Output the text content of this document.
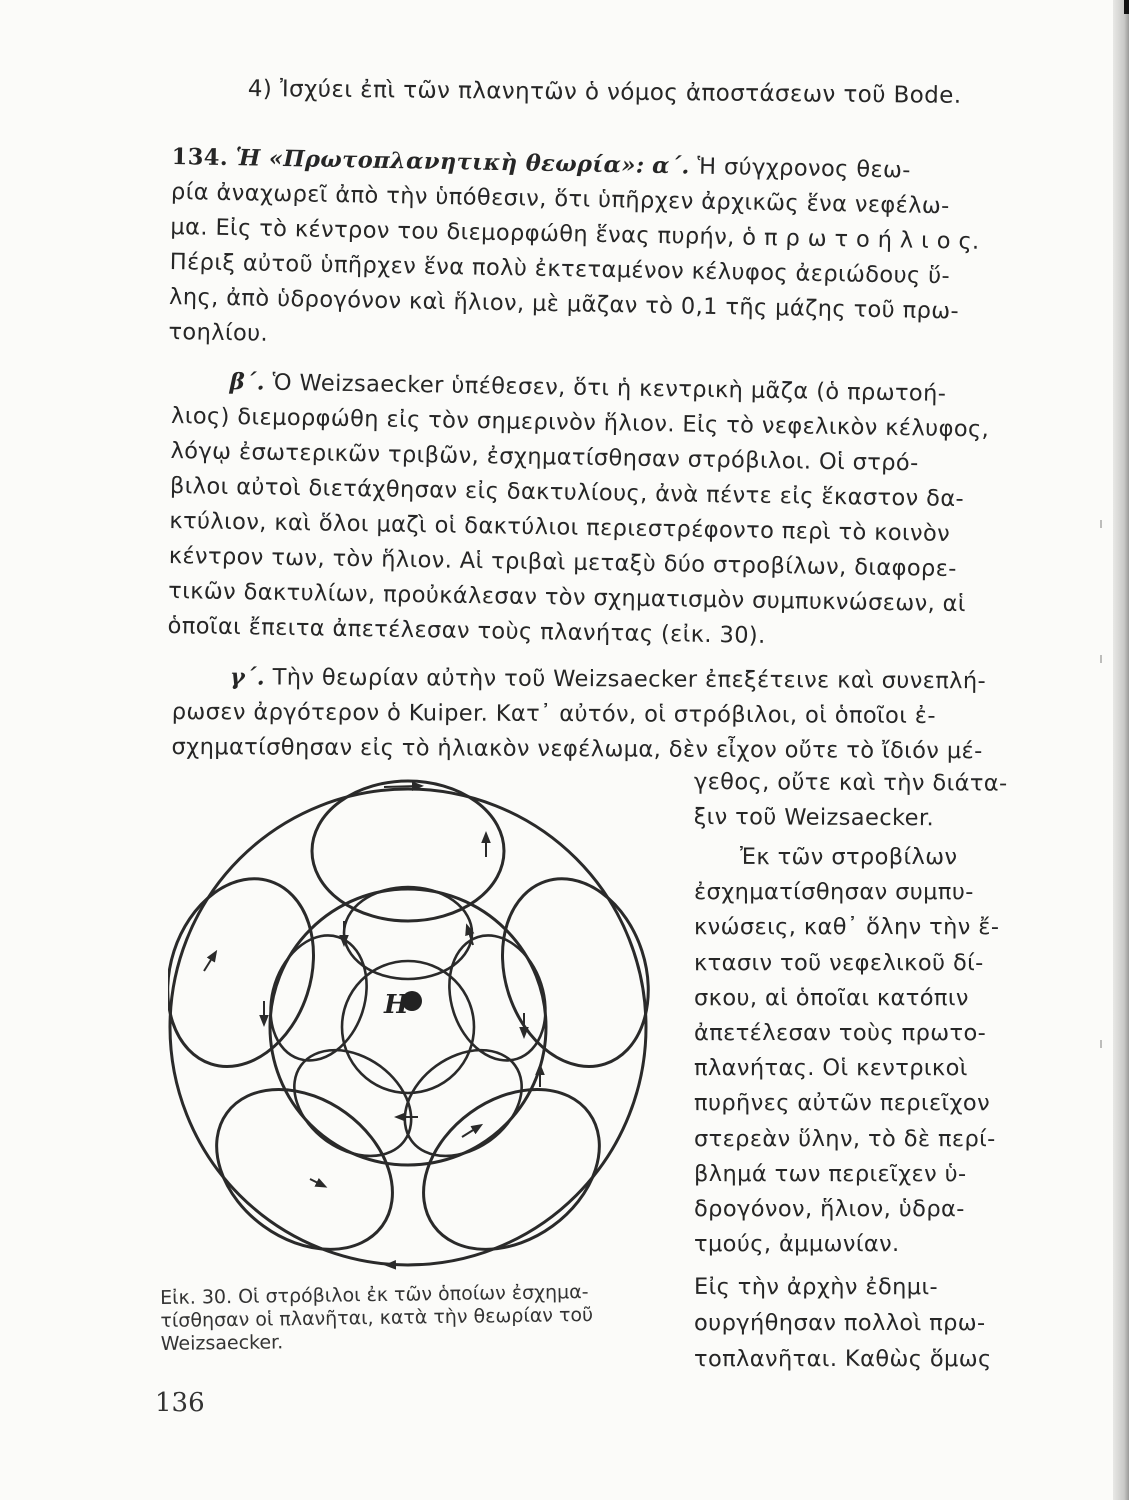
4) Ἰσχύει ἐπὶ τῶν πλανητῶν ὁ νόμος ἀποστάσεων τοῦ Bode.

134. Ἡ «Πρωτοπλανητικὴ θεωρία»: α΄. Ἡ σύγχρονος θεω-
ρία ἀναχωρεῖ ἀπὸ τὴν ὑπόθεσιν, ὅτι ὑπῆρχεν ἀρχικῶς ἕνα νεφέλω-
μα. Εἰς τὸ κέντρον του διεμορφώθη ἕνας πυρήν, ὁ π ρ ω τ ο ή λ ι ο ς.
Πέριξ αὐτοῦ ὑπῆρχεν ἕνα πολὺ ἐκτεταμένον κέλυφος ἀεριώδους ὕ-
λης, ἀπὸ ὑδρογόνον καὶ ἥλιον, μὲ μᾶζαν τὸ 0,1 τῆς μάζης τοῦ πρω-
τοηλίου.

β΄. Ὁ Weizsaecker ὑπέθεσεν, ὅτι ἡ κεντρικὴ μᾶζα (ὁ πρωτοή-
λιος) διεμορφώθη εἰς τὸν σημερινὸν ἥλιον. Εἰς τὸ νεφελικὸν κέλυφος,
λόγῳ ἐσωτερικῶν τριβῶν, ἐσχηματίσθησαν στρόβιλοι. Οἱ στρό-
βιλοι αὐτοὶ διετάχθησαν εἰς δακτυλίους, ἀνὰ πέντε εἰς ἕκαστον δα-
κτύλιον, καὶ ὅλοι μαζὶ οἱ δακτύλιοι περιεστρέφοντο περὶ τὸ κοινὸν
κέντρον των, τὸν ἥλιον. Αἱ τριβαὶ μεταξὺ δύο στροβίλων, διαφορε-
τικῶν δακτυλίων, προὐκάλεσαν τὸν σχηματισμὸν συμπυκνώσεων, αἱ
ὁποῖαι ἔπειτα ἀπετέλεσαν τοὺς πλανήτας (εἰκ. 30).

γ΄. Τὴν θεωρίαν αὐτὴν τοῦ Weizsaecker ἐπεξέτεινε καὶ συνεπλή-
ρωσεν ἀργότερον ὁ Kuiper. Κατ᾽ αὐτόν, οἱ στρόβιλοι, οἱ ὁποῖοι ἐ-
σχηματίσθησαν εἰς τὸ ἡλιακὸν νεφέλωμα, δὲν εἶχον οὔτε τὸ ἴδιόν μέ-

γεθος, οὔτε καὶ τὴν διάτα-
ξιν τοῦ Weizsaecker.

Ἐκ τῶν στροβίλων
ἐσχηματίσθησαν συμπυ-
κνώσεις, καθ᾽ ὅλην τὴν ἔ-
κτασιν τοῦ νεφελικοῦ δί-
σκου, αἱ ὁποῖαι κατόπιν
ἀπετέλεσαν τοὺς πρωτο-
πλανήτας. Οἱ κεντρικοὶ
πυρῆνες αὐτῶν περιεῖχον
στερεὰν ὕλην, τὸ δὲ περί-
βλημά των περιεῖχεν ὑ-
δρογόνον, ἥλιον, ὑδρα-
τμούς, ἀμμωνίαν.
Εἰς τὴν ἀρχὴν ἐδημι-
ουργήθησαν πολλοὶ πρω-
τοπλανῆται. Καθὼς ὅμως
H

Εἰκ. 30. Οἱ στρόβιλοι ἐκ τῶν ὁποίων ἐσχημα-
τίσθησαν οἱ πλανῆται, κατὰ τὴν θεωρίαν τοῦ
Weizsaecker.

136
